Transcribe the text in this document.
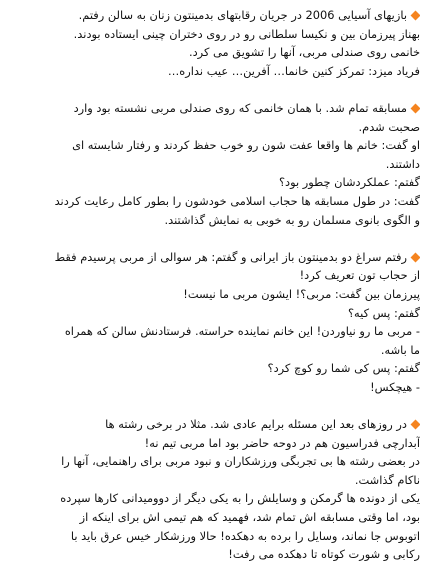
بازیهای آسیایی 2006 در جریان رقابتهای بدمینتون زنان به سالن رفتم.
بهناز پیرزمان بین و نکیسا سلطانی رو در روی دختران چینی ایستاده بودند.
خانمی روی صندلی مربی، آنها را تشویق می کرد.
فریاد میزد: تمرکز کنین خانما… آفرین… عیب نداره…
مسابقه تمام شد. با همان خانمی که روی صندلی مربی نشسته بود وارد
صحبت شدم.
او گفت: خانم ها واقعا عفت شون رو خوب حفظ کردند و رفتار شایسته ای
داشتند.
گفتم: عملکردشان چطور بود؟
گفت: در طول مسابقه ها حجاب اسلامی خودشون را بطور کامل رعایت کردند
و الگوی بانوی مسلمان رو به خوبی به نمایش گذاشتند.
رفتم سراغ دو بدمینتون باز ایرانی و گفتم: هر سوالی از مربی پرسیدم فقط
از حجاب تون تعریف کرد!
پیرزمان بین گفت: مربی؟! ایشون مربی ما نیست!
گفتم: پس کیه؟
- مربی ما رو نیاوردن! این خانم نماینده حراسته. فرستادنش سالن که همراه
ما باشه.
گفتم: پس کی شما رو کوچ کرد؟
- هیچکس!
در روزهای بعد این مسئله برایم عادی شد. مثلا در برخی رشته ها
آبدارچی فدراسیون هم در دوحه حاضر بود اما مربی تیم نه!
در بعضی رشته ها بی تجربگی ورزشکاران و نبود مربی برای راهنمایی، آنها را
ناکام گذاشت.
یکی از دونده ها گرمکن و وسایلش را به یکی دیگر از دوومیدانی کارها سپرده
بود، اما وقتی مسابقه اش تمام شد، فهمید که هم تیمی اش برای اینکه از
اتوبوس جا نماند، وسایل را برده به دهکده! حالا ورزشکار خیس عرق باید با
رکابی و شورت کوتاه تا دهکده می رفت!
